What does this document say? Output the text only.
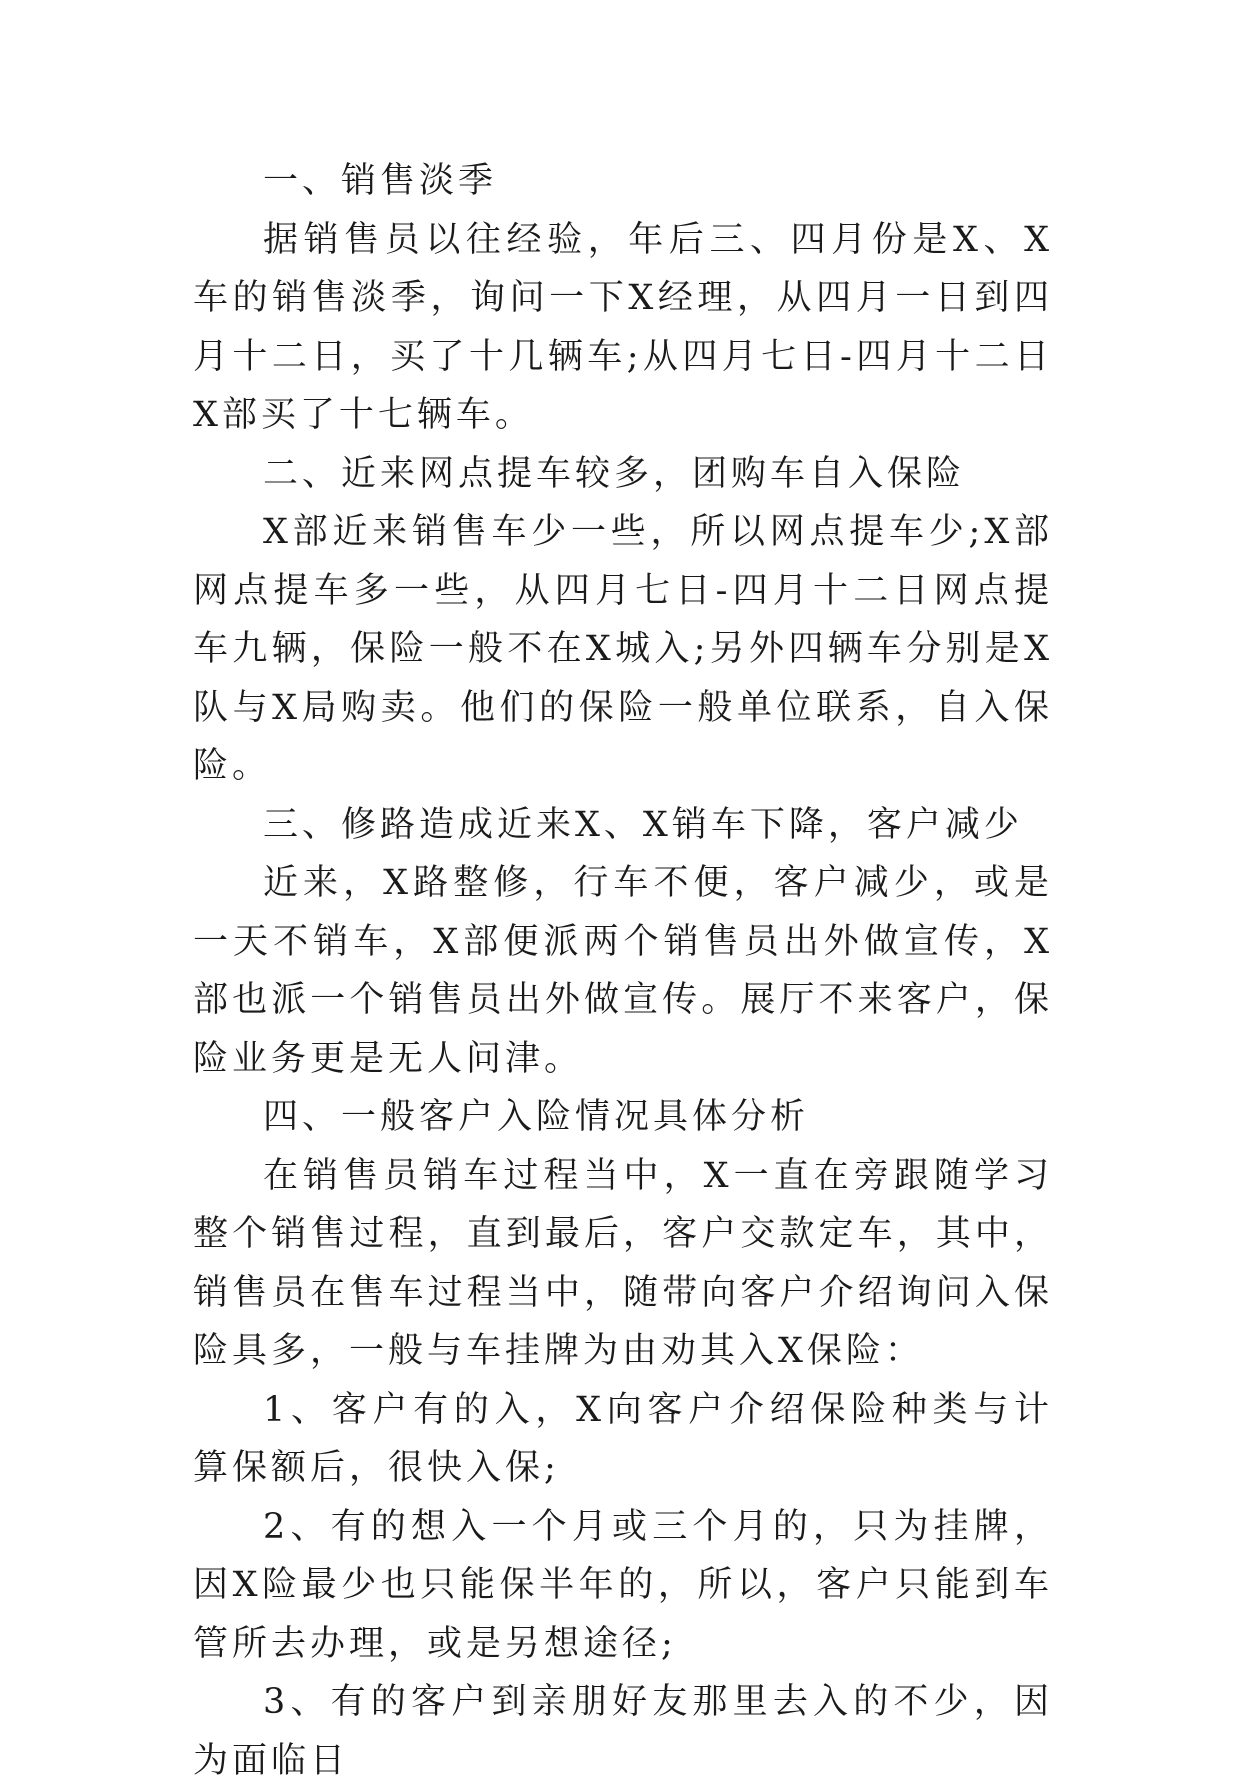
一、销售淡季

据销售员以往经验，年后三、四月份是X、X车的销售淡季，询问一下X经理，从四月一日到四月十二日，买了十几辆车;从四月七日-四月十二日X部买了十七辆车。

二、近来网点提车较多，团购车自入保险

X部近来销售车少一些，所以网点提车少;X部网点提车多一些，从四月七日-四月十二日网点提车九辆，保险一般不在X城入;另外四辆车分别是X队与X局购卖。他们的保险一般单位联系，自入保险。

三、修路造成近来X、X销车下降，客户减少

近来，X路整修，行车不便，客户减少，或是一天不销车，X部便派两个销售员出外做宣传，X部也派一个销售员出外做宣传。展厅不来客户，保险业务更是无人问津。

四、一般客户入险情况具体分析

在销售员销车过程当中，X一直在旁跟随学习整个销售过程，直到最后，客户交款定车，其中，销售员在售车过程当中，随带向客户介绍询问入保险具多，一般与车挂牌为由劝其入X保险：

1、客户有的入，X向客户介绍保险种类与计算保额后，很快入保;

2、有的想入一个月或三个月的，只为挂牌，因X险最少也只能保半年的，所以，客户只能到车管所去办理，或是另想途径;

3、有的客户到亲朋好友那里去入的不少，因为面临日
